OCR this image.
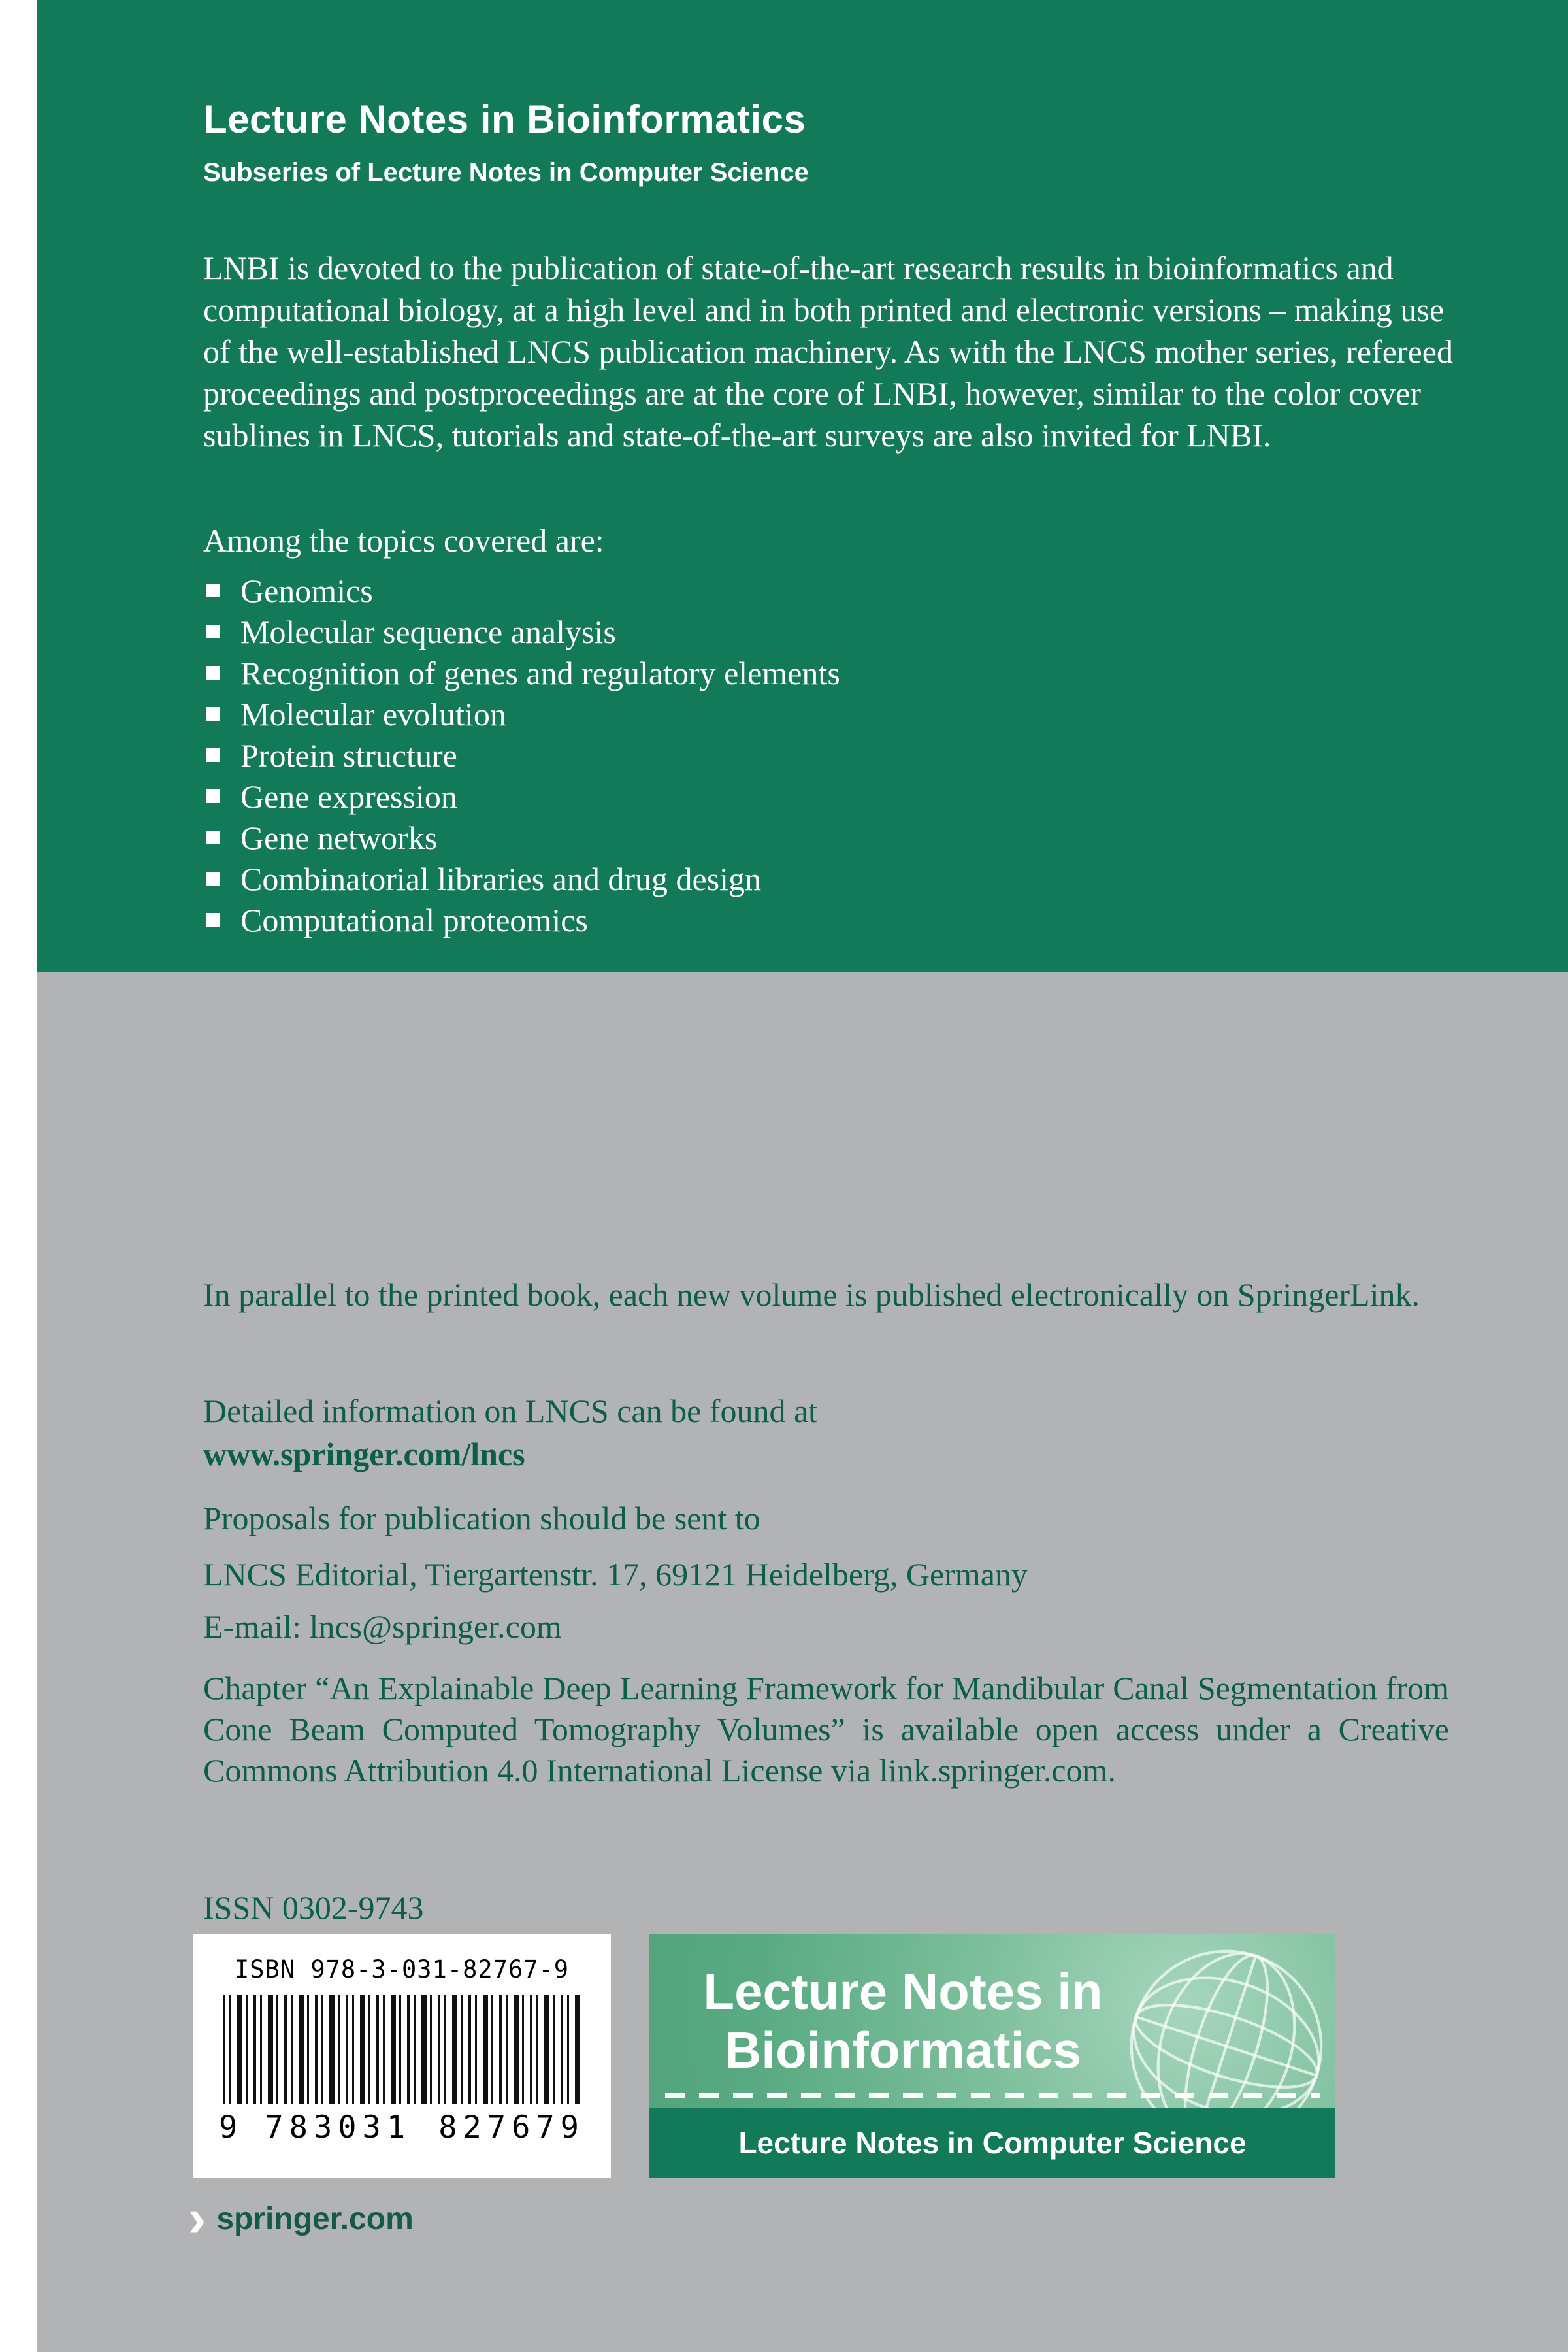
Lecture Notes in Bioinformatics
Subseries of Lecture Notes in Computer Science

LNBI is devoted to the publication of state-of-the-art research results in bioinformatics and computational biology, at a high level and in both printed and electronic versions – making use of the well-established LNCS publication machinery. As with the LNCS mother series, refereed proceedings and postproceedings are at the core of LNBI, however, similar to the color cover sublines in LNCS, tutorials and state-of-the-art surveys are also invited for LNBI.

Among the topics covered are:

Genomics
Molecular sequence analysis
Recognition of genes and regulatory elements
Molecular evolution
Protein structure
Gene expression
Gene networks
Combinatorial libraries and drug design
Computational proteomics

In parallel to the printed book, each new volume is published electronically on SpringerLink.

Detailed information on LNCS can be found at

www.springer.com/lncs

Proposals for publication should be sent to

LNCS Editorial, Tiergartenstr. 17, 69121 Heidelberg, Germany

E-mail: lncs@springer.com

Chapter “An Explainable Deep Learning Framework for Mandibular Canal Segmentation from Cone Beam Computed Tomography Volumes” is available open access under a Creative Commons Attribution 4.0 International License via link.springer.com.

ISSN 0302-9743

ISBN 978-3-031-82767-9
9 783031 827679
Lecture Notes in
Bioinformatics
Lecture Notes in Computer Science
› springer.com
